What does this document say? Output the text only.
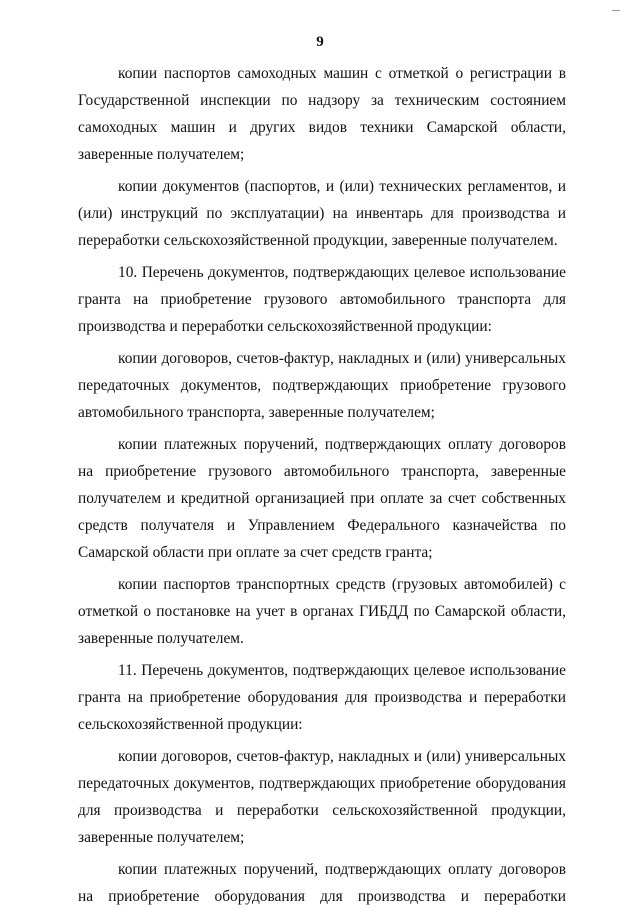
9

копии паспортов самоходных машин с отметкой о регистрации в Государственной инспекции по надзору за техническим состоянием самоходных машин и других видов техники Самарской области, заверенные получателем;

копии документов (паспортов, и (или) технических регламентов, и (или) инструкций по эксплуатации) на инвентарь для производства и переработки сельскохозяйственной продукции, заверенные получателем.

10. Перечень документов, подтверждающих целевое использование гранта на приобретение грузового автомобильного транспорта для производства и переработки сельскохозяйственной продукции:

копии договоров, счетов-фактур, накладных и (или) универсальных передаточных документов, подтверждающих приобретение грузового автомобильного транспорта, заверенные получателем;

копии платежных поручений, подтверждающих оплату договоров на приобретение грузового автомобильного транспорта, заверенные получателем и кредитной организацией при оплате за счет собственных средств получателя и Управлением Федерального казначейства по Самарской области при оплате за счет средств гранта;

копии паспортов транспортных средств (грузовых автомобилей) с отметкой о постановке на учет в органах ГИБДД по Самарской области, заверенные получателем.

11. Перечень документов, подтверждающих целевое использование гранта на приобретение оборудования для производства и переработки сельскохозяйственной продукции:

копии договоров, счетов-фактур, накладных и (или) универсальных передаточных документов, подтверждающих приобретение оборудования для производства и переработки сельскохозяйственной продукции, заверенные получателем;

копии платежных поручений, подтверждающих оплату договоров на приобретение оборудования для производства и переработки
